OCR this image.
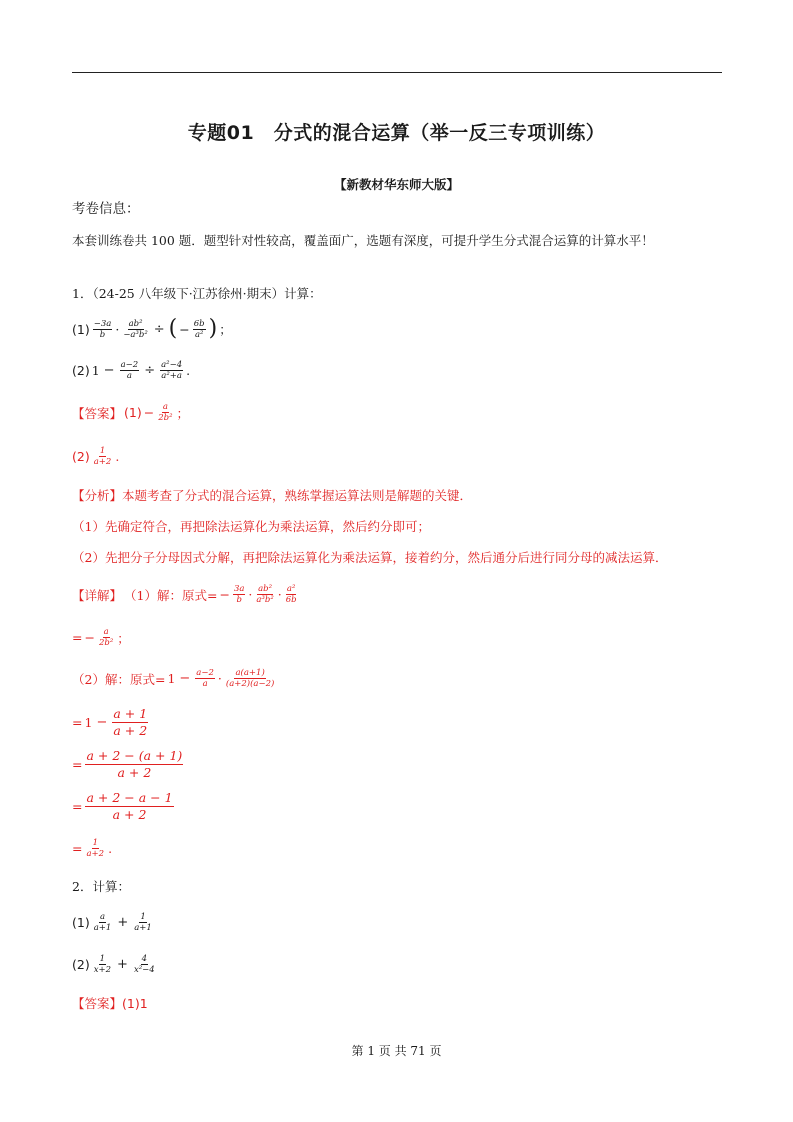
专题01　分式的混合运算（举一反三专项训练）
【新教材华东师大版】
考卷信息：
本套训练卷共 100 题．题型针对性较高，覆盖面广，选题有深度，可提升学生分式混合运算的计算水平！
1．（24-25 八年级下·江苏徐州·期末）计算：
$(1) \frac{-3a}{b} \cdot \frac{\text{ab²}}{\text{−a³b²}}$ ÷ ( − $\frac{6b}{\text{a²}}$ ) ；
(2) $1 - \frac{a-2}{a} \div \frac{\text{a²−4}}{\text{a²+a}}$ .
【答案】 $(1) - \frac{a}{\text{2b²}}$ ；
$(2) \frac{1}{a+2}$ .
【分析】本题考查了分式的混合运算，熟练掌握运算法则是解题的关键．
（1）先确定符合，再把除法运算化为乘法运算，然后约分即可；
（2）先把分子分母因式分解，再把除法运算化为乘法运算，接着约分，然后通分后进行同分母的减法运算．
【详解】 （1）解：原式= − $\frac{3a}{b} \cdot \frac{\text{ab²}}{\text{a³b²}} \cdot \frac{\text{a²}}{6b}$
= − $\frac{a}{\text{2b²}}$ ；
（2）解：原式= $1 - \frac{a-2}{a} \cdot \frac{a(a+1)}{(a+2)(a-2)}$
= $1 - \frac{a + 1}{a + 2}$
= $\frac{a + 2 - (a + 1)}{a + 2}$
= $\frac{a + 2 - a - 1}{a + 2}$
= $\frac{1}{a+2}$ .
2．计算：
$(1) \frac{a}{a+1} + \frac{1}{a+1}$
$(2) \frac{1}{x+2} + \frac{4}{\text{x²−4}}$
【答案】(1)1
第 1 页 共 71 页
